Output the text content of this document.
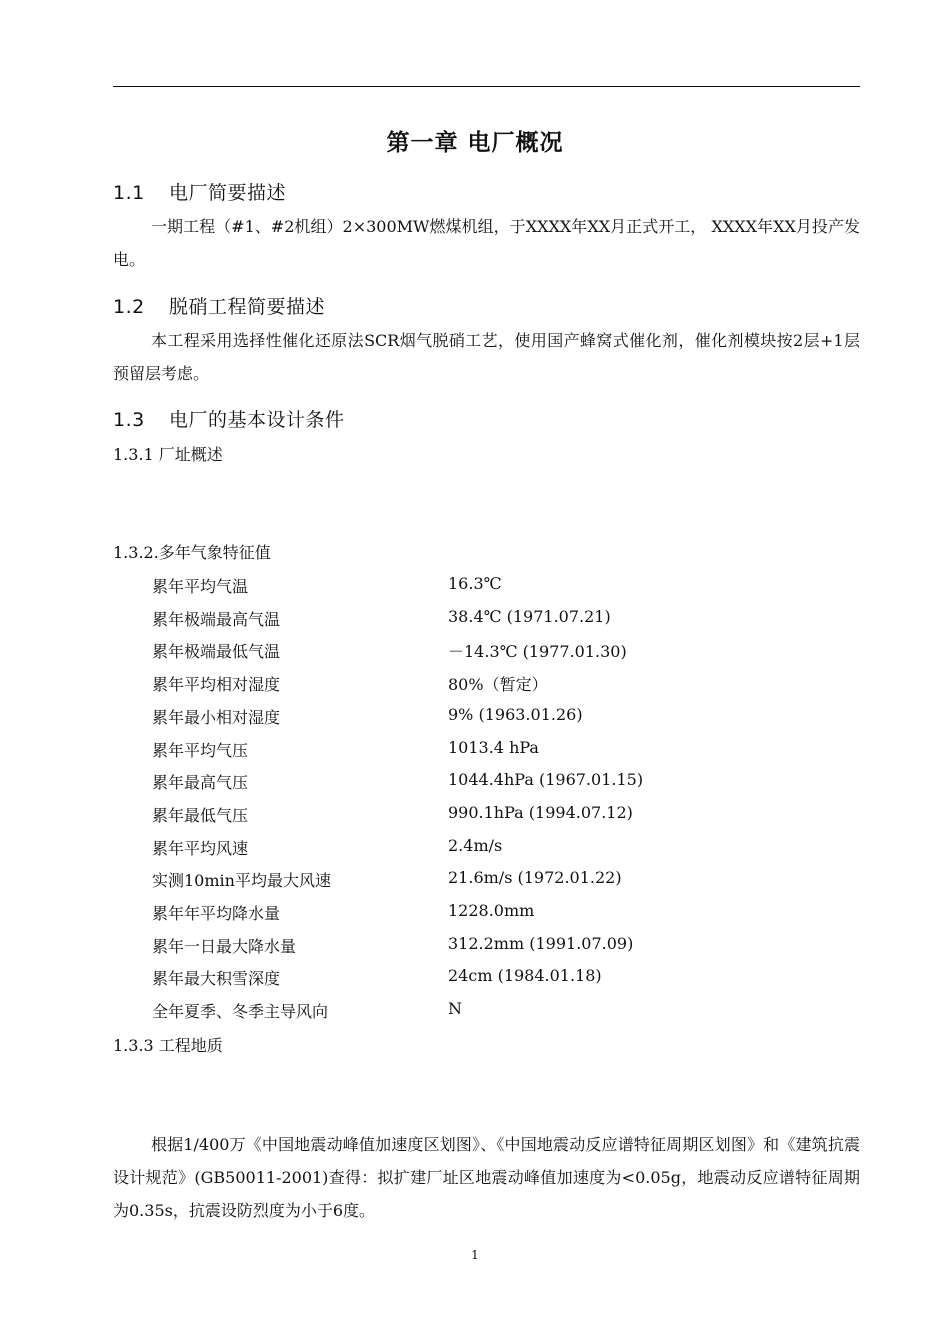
第一章 电厂概况
1.1 电厂简要描述
一期工程（#1、#2机组）2×300MW燃煤机组，于XXXX年XX月正式开工， XXXX年XX月投产发电。
1.2 脱硝工程简要描述
本工程采用选择性催化还原法SCR烟气脱硝工艺，使用国产蜂窝式催化剂，催化剂模块按2层+1层预留层考虑。
1.3 电厂的基本设计条件
1.3.1 厂址概述
1.3.2.多年气象特征值
累年平均气温	16.3℃
累年极端最高气温	38.4℃ (1971.07.21)
累年极端最低气温	－14.3℃ (1977.01.30)
累年平均相对湿度	80%（暂定）
累年最小相对湿度	9% (1963.01.26)
累年平均气压	1013.4 hPa
累年最高气压	1044.4hPa (1967.01.15)
累年最低气压	990.1hPa (1994.07.12)
累年平均风速	2.4m/s
实测10min平均最大风速	21.6m/s (1972.01.22)
累年年平均降水量	1228.0mm
累年一日最大降水量	312.2mm (1991.07.09)
累年最大积雪深度	24cm (1984.01.18)
全年夏季、冬季主导风向	N
1.3.3 工程地质
根据1/400万《中国地震动峰值加速度区划图》、《中国地震动反应谱特征周期区划图》和《建筑抗震设计规范》(GB50011-2001)查得：拟扩建厂址区地震动峰值加速度为<0.05g，地震动反应谱特征周期为0.35s，抗震设防烈度为小于6度。
1
